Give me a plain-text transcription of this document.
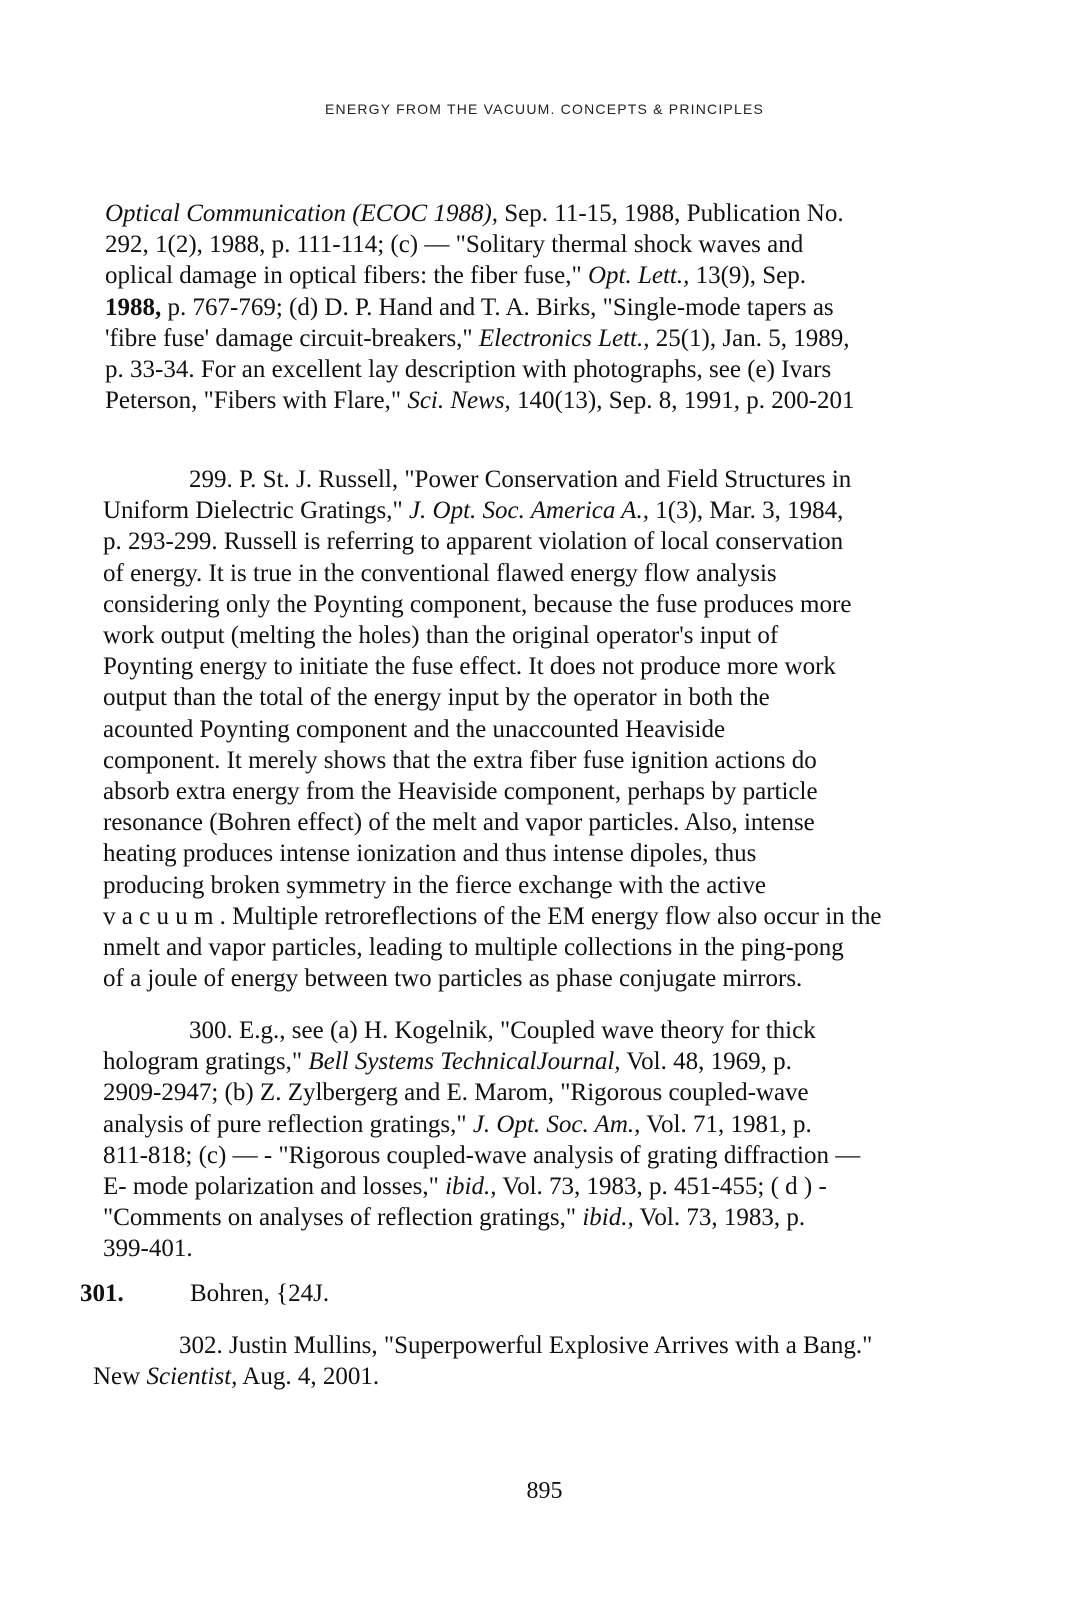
ENERGY FROM THE VACUUM. CONCEPTS & PRINCIPLES
Optical Communication (ECOC 1988), Sep. 11-15, 1988, Publication No.
292, 1(2), 1988, p. 111-114; (c) — "Solitary thermal shock waves and
oplical damage in optical fibers: the fiber fuse," Opt. Lett., 13(9), Sep.
1988, p. 767-769; (d) D. P. Hand and T. A. Birks, "Single-mode tapers as
'fibre fuse' damage circuit-breakers," Electronics Lett., 25(1), Jan. 5, 1989,
p. 33-34. For an excellent lay description with photographs, see (e) Ivars
Peterson, "Fibers with Flare," Sci. News, 140(13), Sep. 8, 1991, p. 200-201
299. P. St. J. Russell, "Power Conservation and Field Structures in
Uniform Dielectric Gratings," J. Opt. Soc. America A., 1(3), Mar. 3, 1984,
p. 293-299. Russell is referring to apparent violation of local conservation
of energy. It is true in the conventional flawed energy flow analysis
considering only the Poynting component, because the fuse produces more
work output (melting the holes) than the original operator's input of
Poynting energy to initiate the fuse effect. It does not produce more work
output than the total of the energy input by the operator in both the
acounted Poynting component and the unaccounted Heaviside
component. It merely shows that the extra fiber fuse ignition actions do
absorb extra energy from the Heaviside component, perhaps by particle
resonance (Bohren effect) of the melt and vapor particles. Also, intense
heating produces intense ionization and thus intense dipoles, thus
producing broken symmetry in the fierce exchange with the active
v a c u u m . Multiple retroreflections of the EM energy flow also occur in the
nmelt and vapor particles, leading to multiple collections in the ping-pong
of a joule of energy between two particles as phase conjugate mirrors.
300. E.g., see (a) H. Kogelnik, "Coupled wave theory for thick
hologram gratings," Bell Systems TechnicalJournal, Vol. 48, 1969, p.
2909-2947; (b) Z. Zylbergerg and E. Marom, "Rigorous coupled-wave
analysis of pure reflection gratings," J. Opt. Soc. Am., Vol. 71, 1981, p.
811-818; (c) — - "Rigorous coupled-wave analysis of grating diffraction —
E- mode polarization and losses," ibid., Vol. 73, 1983, p. 451-455; ( d ) -
"Comments on analyses of reflection gratings," ibid., Vol. 73, 1983, p.
399-401.
301.	Bohren, {24J.
302. Justin Mullins, "Superpowerful Explosive Arrives with a Bang."
New Scientist, Aug. 4, 2001.
895
